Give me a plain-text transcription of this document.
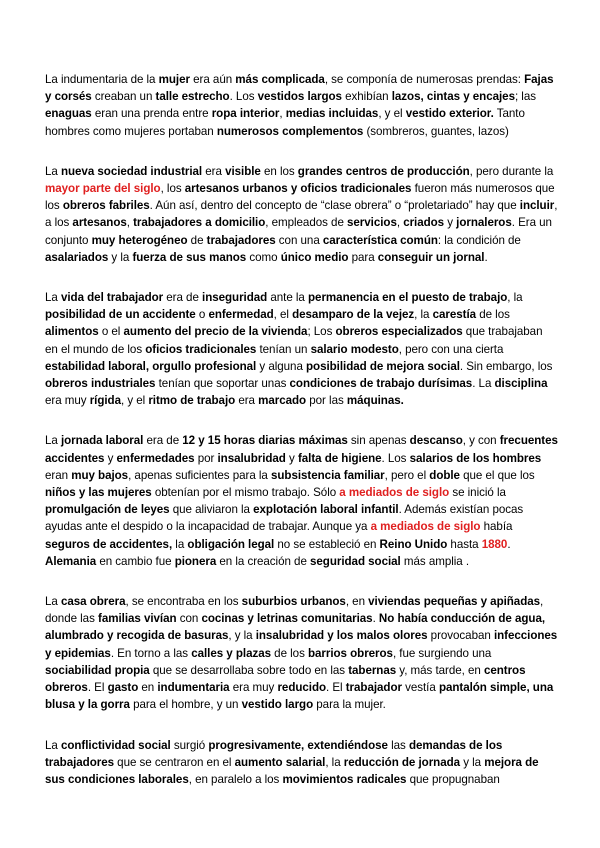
La indumentaria de la mujer era aún más complicada, se componía de numerosas prendas: Fajas y corsés creaban un talle estrecho. Los vestidos largos exhibían lazos, cintas y encajes; las enaguas eran una prenda entre ropa interior, medias incluidas, y el vestido exterior. Tanto hombres como mujeres portaban numerosos complementos (sombreros, guantes, lazos)

La nueva sociedad industrial era visible en los grandes centros de producción, pero durante la mayor parte del siglo, los artesanos urbanos y oficios tradicionales fueron más numerosos que los obreros fabriles. Aún así, dentro del concepto de “clase obrera” o “proletariado” hay que incluir, a los artesanos, trabajadores a domicilio, empleados de servicios, criados y jornaleros. Era un conjunto muy heterogéneo de trabajadores con una característica común: la condición de asalariados y la fuerza de sus manos como único medio para conseguir un jornal.

La vida del trabajador era de inseguridad ante la permanencia en el puesto de trabajo, la posibilidad de un accidente o enfermedad, el desamparo de la vejez, la carestía de los alimentos o el aumento del precio de la vivienda; Los obreros especializados que trabajaban en el mundo de los oficios tradicionales tenían un salario modesto, pero con una cierta estabilidad laboral, orgullo profesional y alguna posibilidad de mejora social. Sin embargo, los obreros industriales tenían que soportar unas condiciones de trabajo durísimas. La disciplina era muy rígida, y el ritmo de trabajo era marcado por las máquinas.

La jornada laboral era de 12 y 15 horas diarias máximas sin apenas descanso, y con frecuentes accidentes y enfermedades por insalubridad y falta de higiene. Los salarios de los hombres eran muy bajos, apenas suficientes para la subsistencia familiar, pero el doble que el que los niños y las mujeres obtenían por el mismo trabajo. Sólo a mediados de siglo se inició la promulgación de leyes que aliviaron la explotación laboral infantil. Además existían pocas ayudas ante el despido o la incapacidad de trabajar. Aunque ya a mediados de siglo había seguros de accidentes, la obligación legal no se estableció en Reino Unido hasta 1880. Alemania en cambio fue pionera en la creación de seguridad social más amplia .

La casa obrera, se encontraba en los suburbios urbanos, en viviendas pequeñas y apiñadas, donde las familias vivían con cocinas y letrinas comunitarias. No había conducción de agua, alumbrado y recogida de basuras, y la insalubridad y los malos olores provocaban infecciones y epidemias. En torno a las calles y plazas de los barrios obreros, fue surgiendo una sociabilidad propia que se desarrollaba sobre todo en las tabernas y, más tarde, en centros obreros. El gasto en indumentaria era muy reducido. El trabajador vestía pantalón simple, una blusa y la gorra para el hombre, y un vestido largo para la mujer.

La conflictividad social surgió progresivamente, extendiéndose las demandas de los trabajadores que se centraron en el aumento salarial, la reducción de jornada y la mejora de sus condiciones laborales, en paralelo a los movimientos radicales que propugnaban
